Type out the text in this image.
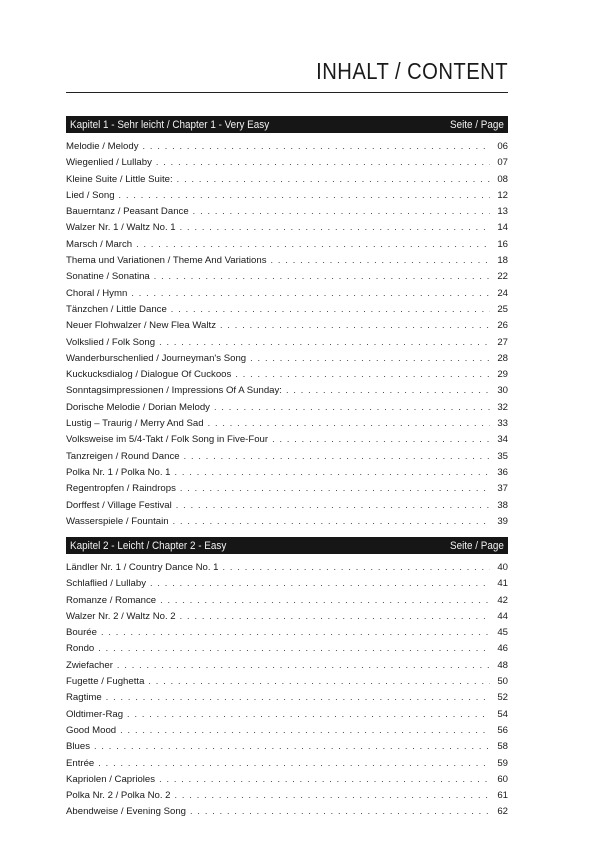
INHALT / CONTENT
Kapitel 1 - Sehr leicht / Chapter 1 - Very Easy	Seite / Page
Melodie / Melody . . .	06
Wiegenlied / Lullaby . . .	07
Kleine Suite / Little Suite: . . .	08
Lied / Song . . .	12
Bauerntanz / Peasant Dance . . .	13
Walzer Nr. 1 / Waltz No. 1 . . .	14
Marsch / March . . .	16
Thema und Variationen / Theme And Variations . . .	18
Sonatine / Sonatina . . .	22
Choral / Hymn . . .	24
Tänzchen / Little Dance . . .	25
Neuer Flohwalzer / New Flea Waltz . . .	26
Volkslied / Folk Song . . .	27
Wanderburschenlied / Journeyman's Song . . .	28
Kuckucksdialog / Dialogue Of Cuckoos . . .	29
Sonntagsimpressionen / Impressions Of A Sunday: . . .	30
Dorische Melodie / Dorian Melody . . .	32
Lustig – Traurig / Merry And Sad . . .	33
Volksweise im 5/4-Takt / Folk Song in Five-Four . . .	34
Tanzreigen / Round Dance . . .	35
Polka Nr. 1 / Polka No. 1 . . .	36
Regentropfen / Raindrops . . .	37
Dorffest / Village Festival . . .	38
Wasserspiele / Fountain . . .	39
Kapitel 2 - Leicht / Chapter 2 - Easy	Seite / Page
Ländler Nr. 1 / Country Dance No. 1 . . .	40
Schlaflied / Lullaby . . .	41
Romanze / Romance . . .	42
Walzer Nr. 2 / Waltz No. 2 . . .	44
Bourée . . .	45
Rondo . . .	46
Zwiefacher . . .	48
Fugette / Fughetta . . .	50
Ragtime . . .	52
Oldtimer-Rag . . .	54
Good Mood . . .	56
Blues . . .	58
Entrée . . .	59
Kapriolen / Caprioles . . .	60
Polka Nr. 2 / Polka No. 2 . . .	61
Abendweise / Evening Song . . .	62
